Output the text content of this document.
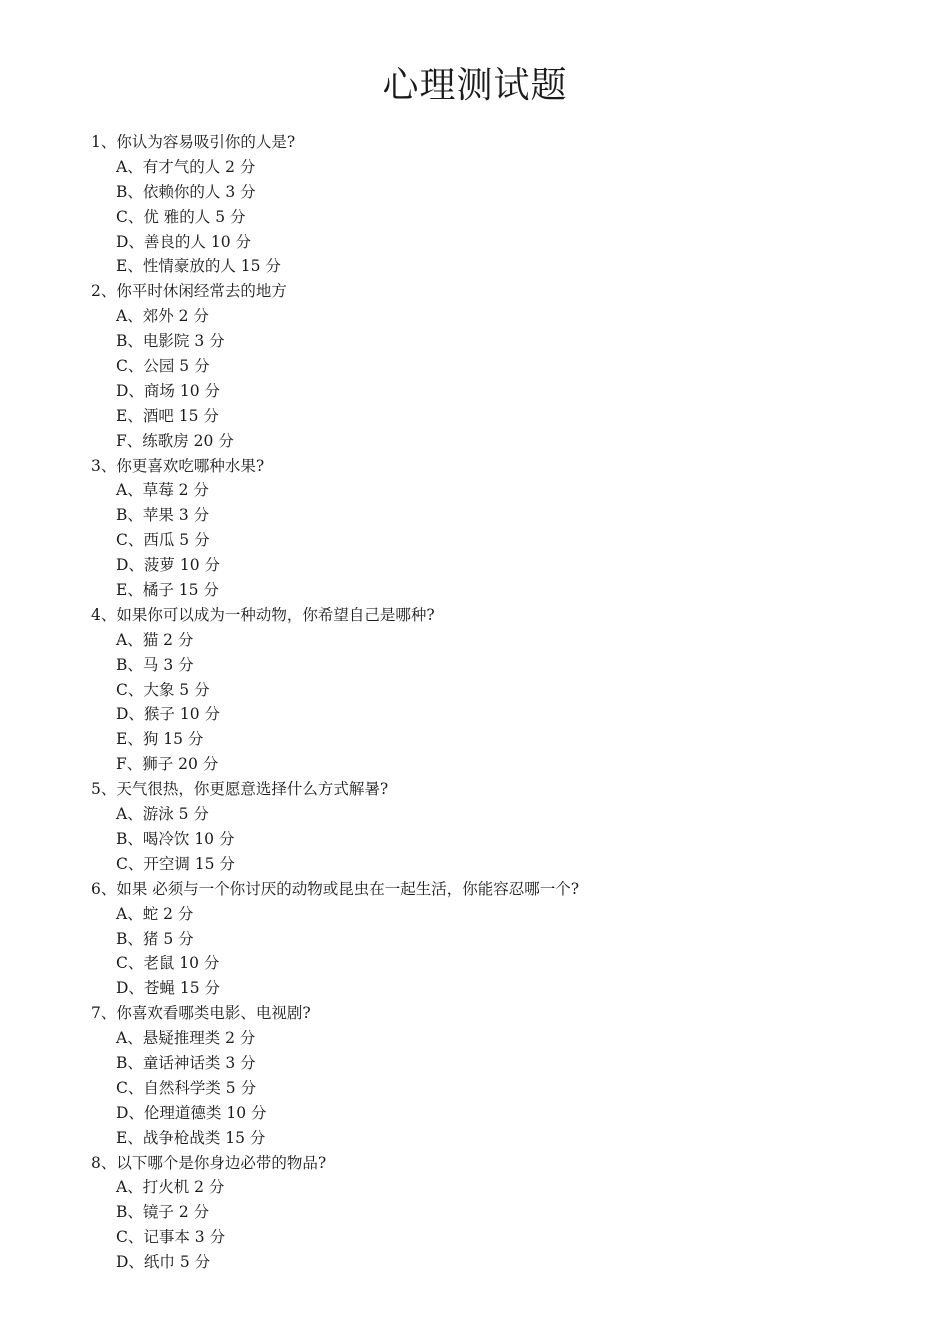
心理测试题
1、你认为容易吸引你的人是?
A、有才气的人 2 分
B、依赖你的人 3 分
C、优 雅的人 5 分
D、善良的人 10 分
E、性情豪放的人 15 分
2、你平时休闲经常去的地方
A、郊外 2 分
B、电影院 3 分
C、公园 5 分
D、商场 10 分
E、酒吧 15 分
F、练歌房 20 分
3、你更喜欢吃哪种水果?
A、草莓 2 分
B、苹果 3 分
C、西瓜 5 分
D、菠萝 10 分
E、橘子 15 分
4、如果你可以成为一种动物，你希望自己是哪种?
A、猫 2 分
B、马 3 分
C、大象 5 分
D、猴子 10 分
E、狗 15 分
F、狮子 20 分
5、天气很热，你更愿意选择什么方式解暑?
A、游泳 5 分
B、喝冷饮 10 分
C、开空调 15 分
6、如果 必须与一个你讨厌的动物或昆虫在一起生活，你能容忍哪一个?
A、蛇 2 分
B、猪 5 分
C、老鼠 10 分
D、苍蝇 15 分
7、你喜欢看哪类电影、电视剧?
A、悬疑推理类 2 分
B、童话神话类 3 分
C、自然科学类 5 分
D、伦理道德类 10 分
E、战争枪战类 15 分
8、以下哪个是你身边必带的物品?
A、打火机 2 分
B、镜子 2 分
C、记事本 3 分
D、纸巾 5 分
